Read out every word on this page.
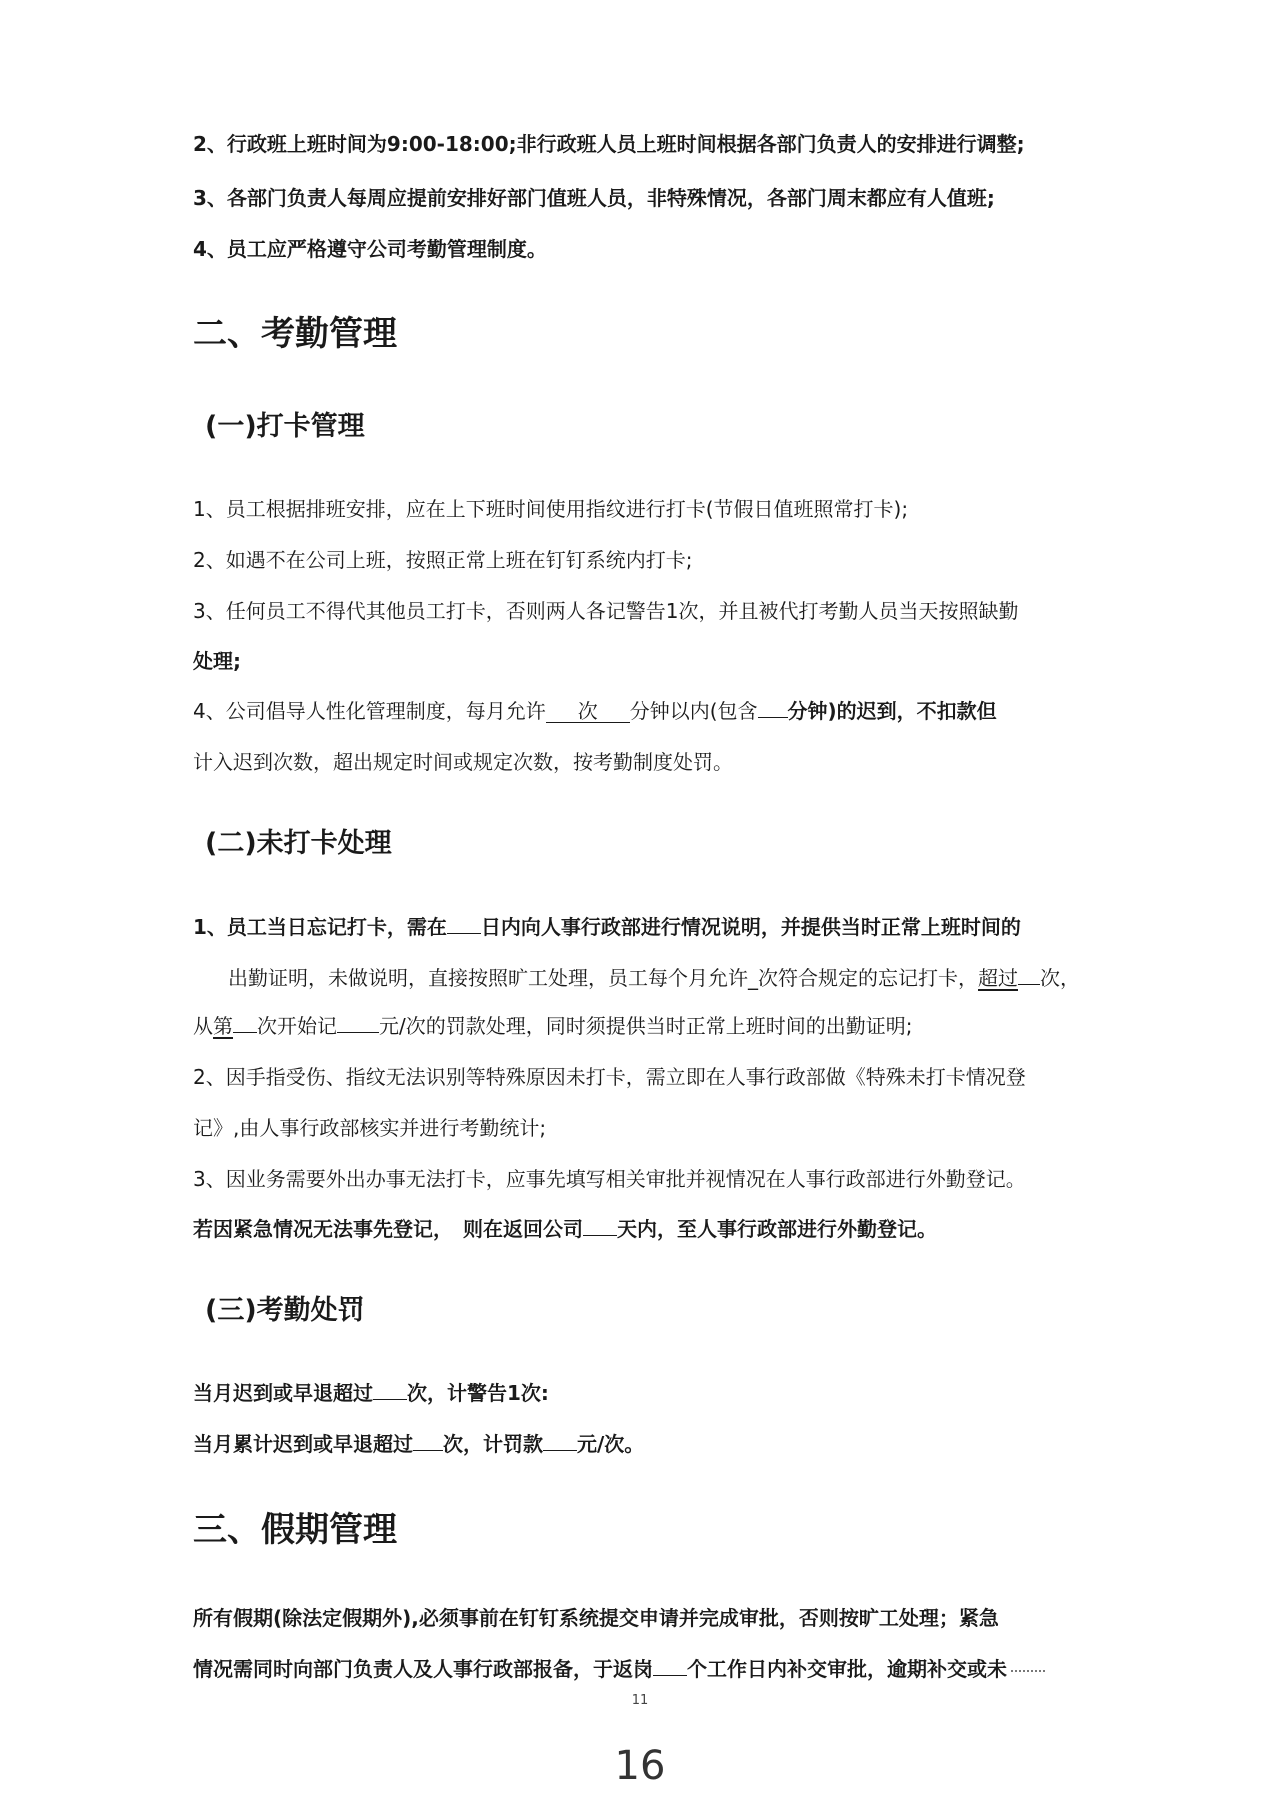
2、行政班上班时间为9:00-18:00;非行政班人员上班时间根据各部门负责人的安排进行调整;
3、各部门负责人每周应提前安排好部门值班人员，非特殊情况，各部门周末都应有人值班;
4、员工应严格遵守公司考勤管理制度。
二、考勤管理
(一)打卡管理
1、员工根据排班安排，应在上下班时间使用指纹进行打卡(节假日值班照常打卡);
2、如遇不在公司上班，按照正常上班在钉钉系统内打卡;
3、任何员工不得代其他员工打卡，否则两人各记警告1次，并且被代打考勤人员当天按照缺勤
处理;
4、公司倡导人性化管理制度，每月允许 次 分钟以内(包含 分钟)的迟到，不扣款但
计入迟到次数，超出规定时间或规定次数，按考勤制度处罚。
(二)未打卡处理
1、员工当日忘记打卡，需在 日内向人事行政部进行情况说明，并提供当时正常上班时间的
出勤证明，未做说明，直接按照旷工处理，员工每个月允许_次符合规定的忘记打卡，超过 次，
从第 次开始记 元/次的罚款处理，同时须提供当时正常上班时间的出勤证明;
2、因手指受伤、指纹无法识别等特殊原因未打卡，需立即在人事行政部做《特殊未打卡情况登
记》,由人事行政部核实并进行考勤统计;
3、因业务需要外出办事无法打卡，应事先填写相关审批并视情况在人事行政部进行外勤登记。
若因紧急情况无法事先登记，　则在返回公司 天内，至人事行政部进行外勤登记。
(三)考勤处罚
当月迟到或早退超过 次，计警告1次:
当月累计迟到或早退超过 次，计罚款 元/次。
三、假期管理
所有假期(除法定假期外),必须事前在钉钉系统提交申请并完成审批，否则按旷工处理；紧急
情况需同时向部门负责人及人事行政部报备，于返岗 个工作日内补交审批，逾期补交或未
11
16
